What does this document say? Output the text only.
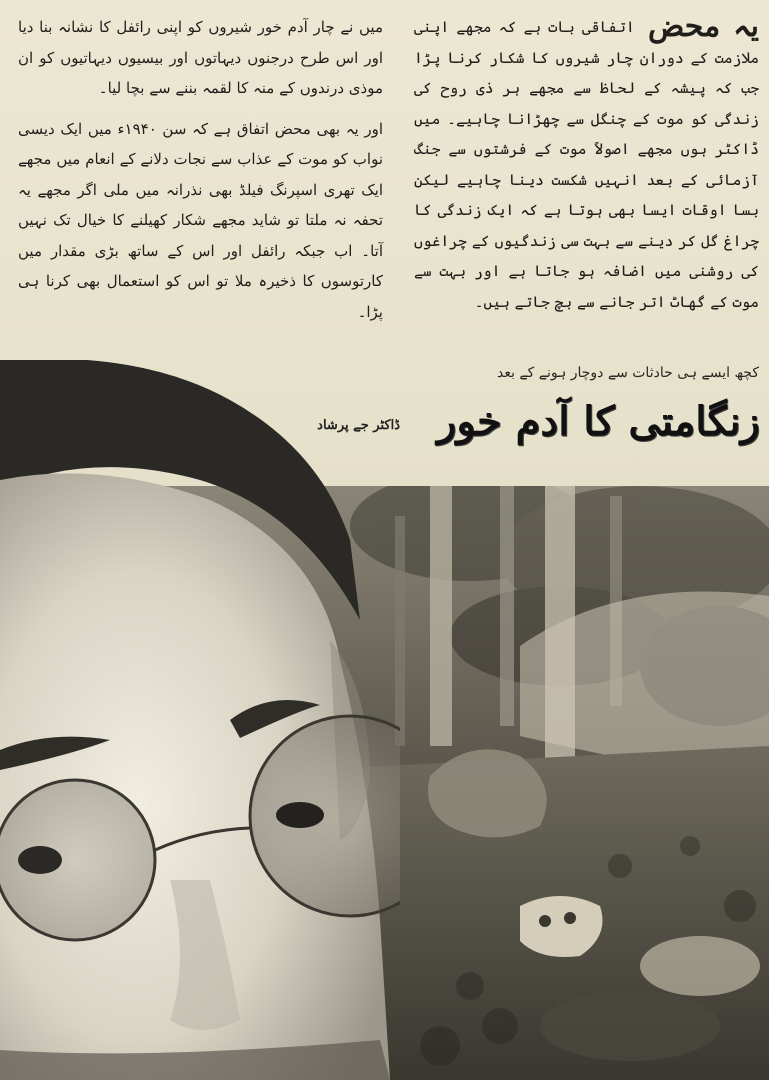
یہ محض اتفاقی بات ہے کہ مجھے اپنی ملازمت کے دوران چار شیروں کا شکار کرنا پڑا جب کہ پیشہ کے لحاظ سے مجھے ہر ذی روح کی زندگی کو موت کے چنگل سے چھڑانا چاہیے۔ میں ڈاکٹر ہوں مجھے اصولاً موت کے فرشتوں سے جنگ آزمائی کے بعد انہیں شکست دینا چاہیے لیکن بسا اوقات ایسا بھی ہوتا ہے کہ ایک زندگی کا چراغ گل کر دینے سے بہت سی زندگیوں کے چراغوں کی روشنی میں اضافہ ہو جاتا ہے اور بہت سے موت کے گھاٹ اتر جانے سے بچ جاتے ہیں۔

میں نے چار آدم خور شیروں کو اپنی رائفل کا نشانہ بنا دیا اور اس طرح درجنوں دیہاتوں اور بیسیوں دیہاتیوں کو ان موذی درندوں کے منہ کا لقمہ بننے سے بچا لیا۔

اور یہ بھی محض اتفاق ہے کہ سن ۱۹۴۰ء میں ایک دیسی نواب کو موت کے عذاب سے نجات دلانے کے انعام میں مجھے ایک تھری اسپرنگ فیلڈ بھی نذرانہ میں ملی اگر مجھے یہ تحفہ نہ ملتا تو شاید مجھے شکار کھیلنے کا خیال تک نہیں آتا۔ اب جبکہ رائفل اور اس کے ساتھ بڑی مقدار میں کارتوسوں کا ذخیرہ ملا تو اس کو استعمال بھی کرنا ہی پڑا۔

کچھ ایسے ہی حادثات سے دوچار ہونے کے بعد
زنگامتی کا آدم خور
ڈاکٹر جے پرشاد
